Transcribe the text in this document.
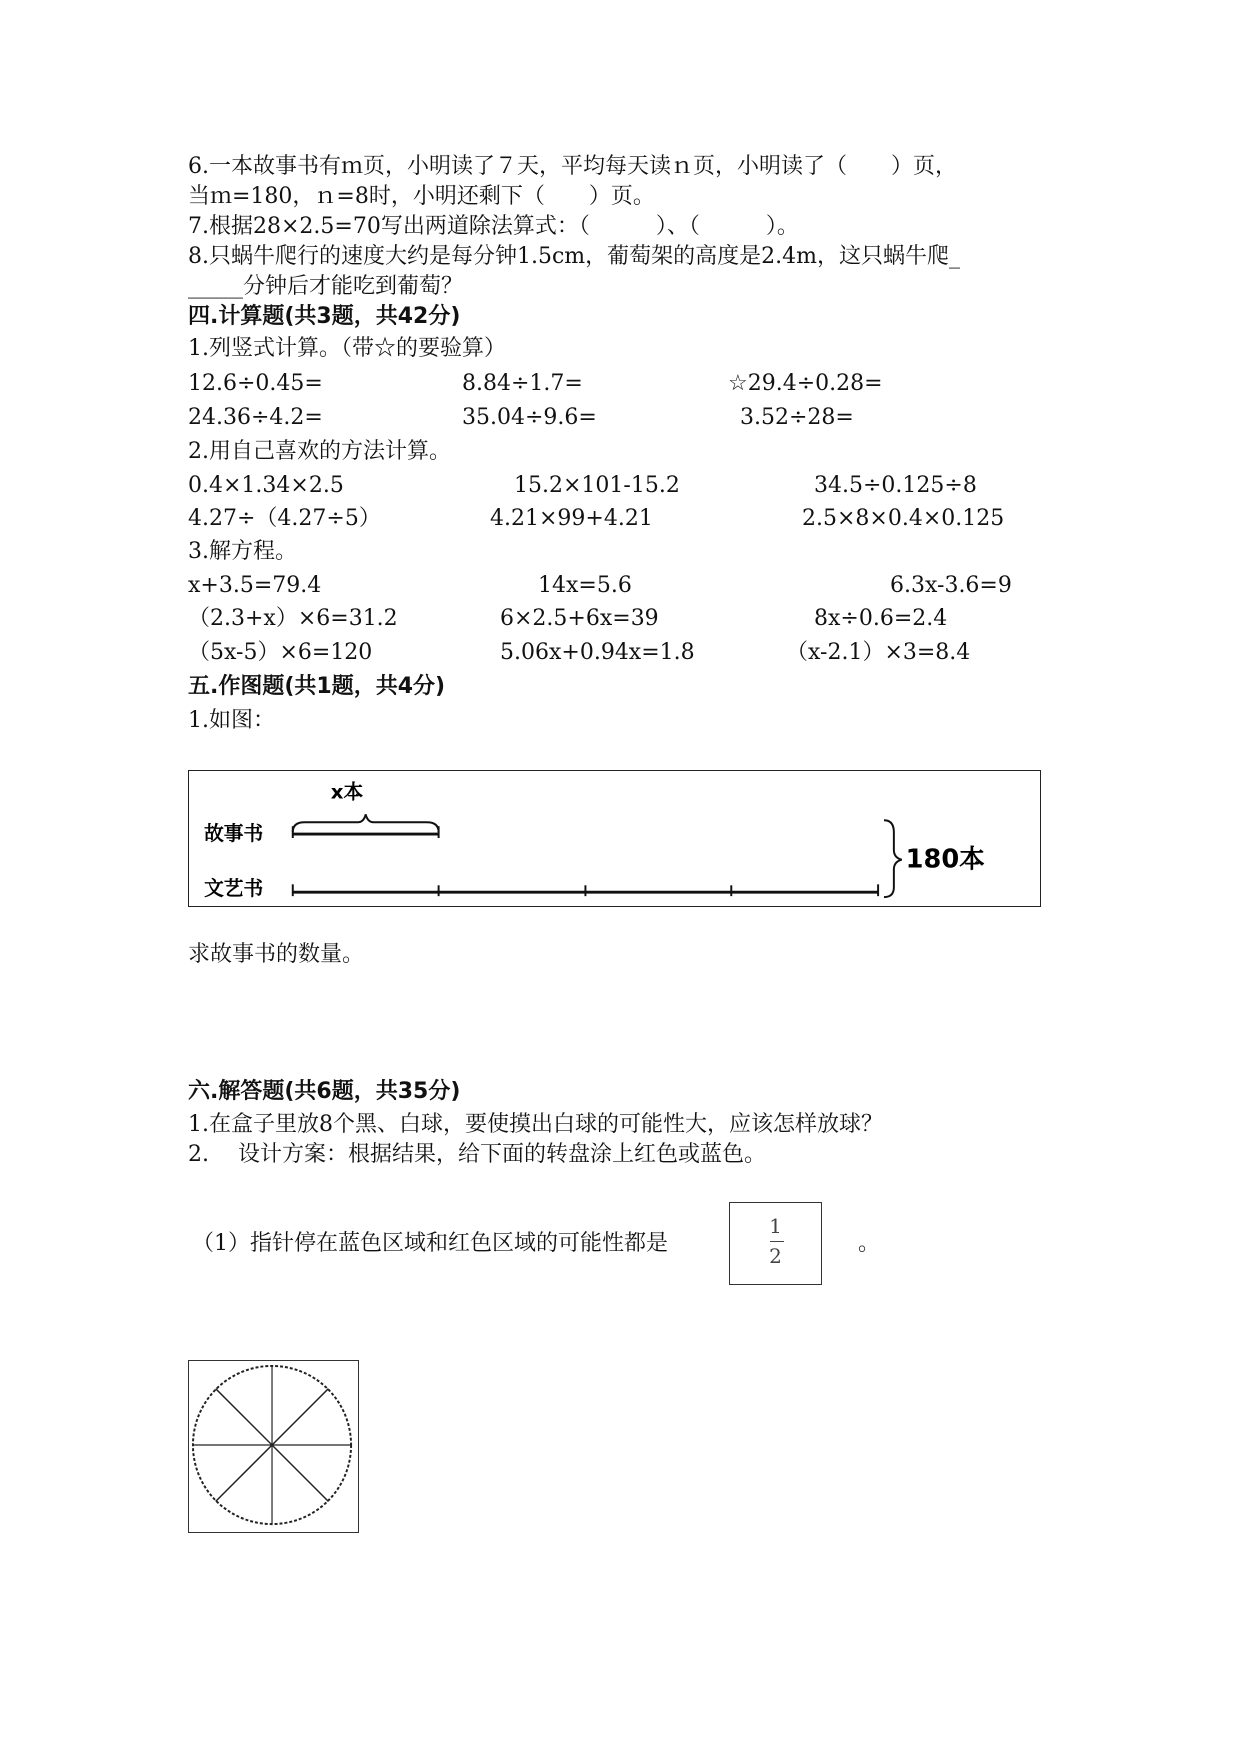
6.一本故事书有ｍ页，小明读了７天，平均每天读ｎ页，小明读了（　　）页，
当ｍ=180，ｎ=8时，小明还剩下（　　）页。
7.根据28×2.5=70写出两道除法算式：（　　　）、（　　　）。
8.只蜗牛爬行的速度大约是每分钟1.5cm，葡萄架的高度是2.4m，这只蜗牛爬_
_____分钟后才能吃到葡萄？
四.计算题(共3题，共42分)
1.列竖式计算。（带☆的要验算）
12.6÷0.45=	8.84÷1.7=	☆29.4÷0.28=
24.36÷4.2=	35.04÷9.6=	3.52÷28=
2.用自己喜欢的方法计算。
0.4×1.34×2.5	15.2×101-15.2	34.5÷0.125÷8
4.27÷（4.27÷5）	4.21×99+4.21	2.5×8×0.4×0.125
3.解方程。
x+3.5=79.4	14x=5.6	6.3x-3.6=9
（2.3+x）×6=31.2	6×2.5+6x=39	8x÷0.6=2.4
（5x-5）×6=120	5.06x+0.94x=1.8	（x-2.1）×3=8.4
五.作图题(共1题，共4分)
1.如图：
x本
故事书
文艺书
180本
求故事书的数量。
六.解答题(共6题，共35分)
1.在盒子里放8个黑、白球，要使摸出白球的可能性大，应该怎样放球？
2.　 设计方案：根据结果，给下面的转盘涂上红色或蓝色。
（1）指针停在蓝色区域和红色区域的可能性都是
1
2	。
